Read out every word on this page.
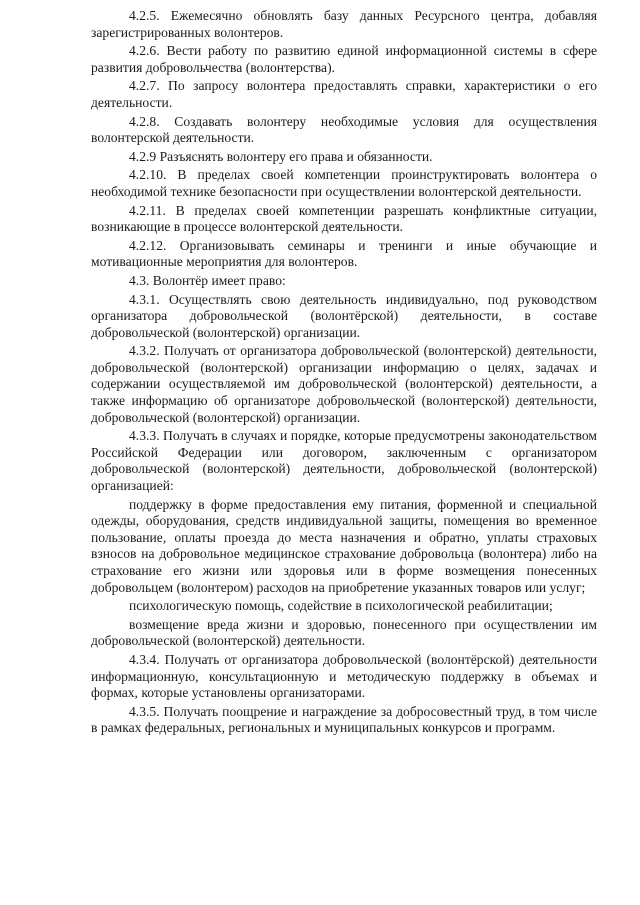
4.2.5. Ежемесячно обновлять базу данных Ресурсного центра, добавляя зарегистрированных волонтеров.

4.2.6. Вести работу по развитию единой информационной системы в сфере развития добровольчества (волонтерства).

4.2.7. По запросу волонтера предоставлять справки, характеристики о его деятельности.

4.2.8. Создавать волонтеру необходимые условия для осуществления волонтерской деятельности.

4.2.9 Разъяснять волонтеру его права и обязанности.

4.2.10. В пределах своей компетенции проинструктировать волонтера о необходимой технике безопасности при осуществлении волонтерской деятельности.

4.2.11. В пределах своей компетенции разрешать конфликтные ситуации, возникающие в процессе волонтерской деятельности.

4.2.12. Организовывать семинары и тренинги и иные обучающие и мотивационные мероприятия для волонтеров.

4.3. Волонтёр имеет право:

4.3.1. Осуществлять свою деятельность индивидуально, под руководством организатора добровольческой (волонтёрской) деятельности, в составе добровольческой (волонтерской) организации.

4.3.2. Получать от организатора добровольческой (волонтерской) деятельности, добровольческой (волонтерской) организации информацию о целях, задачах и содержании осуществляемой им добровольческой (волонтерской) деятельности, а также информацию об организаторе добровольческой (волонтерской) деятельности, добровольческой (волонтерской) организации.

4.3.3. Получать в случаях и порядке, которые предусмотрены законодательством Российской Федерации или договором, заключенным с организатором добровольческой (волонтерской) деятельности, добровольческой (волонтерской) организацией:

поддержку в форме предоставления ему питания, форменной и специальной одежды, оборудования, средств индивидуальной защиты, помещения во временное пользование, оплаты проезда до места назначения и обратно, уплаты страховых взносов на добровольное медицинское страхование добровольца (волонтера) либо на страхование его жизни или здоровья или в форме возмещения понесенных добровольцем (волонтером) расходов на приобретение указанных товаров или услуг;

психологическую помощь, содействие в психологической реабилитации;

возмещение вреда жизни и здоровью, понесенного при осуществлении им добровольческой (волонтерской) деятельности.

4.3.4. Получать от организатора добровольческой (волонтёрской) деятельности информационную, консультационную и методическую поддержку в объемах и формах, которые установлены организаторами.

4.3.5. Получать поощрение и награждение за добросовестный труд, в том числе в рамках федеральных, региональных и муниципальных конкурсов и программ.
